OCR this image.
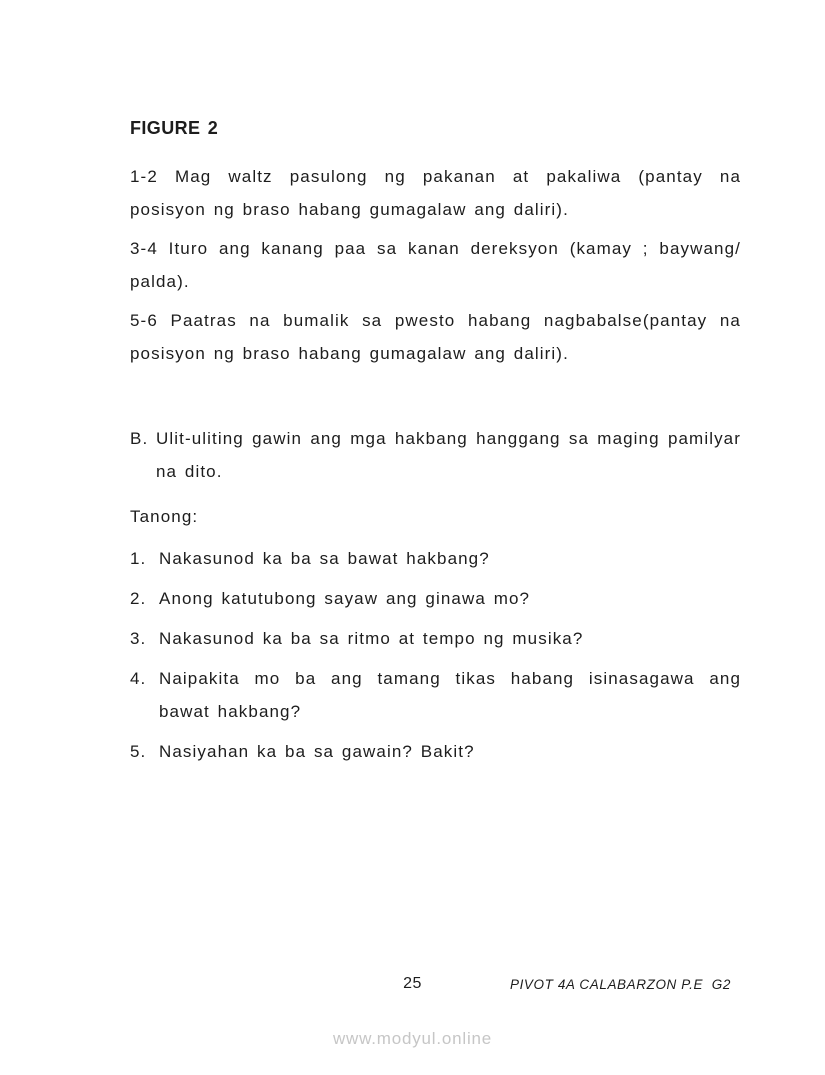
FIGURE 2

1-2 Mag waltz pasulong ng pakanan at pakaliwa (pantay na posisyon ng braso habang gumagalaw ang daliri).

3-4 Ituro ang kanang paa sa kanan dereksyon (kamay ; baywang/ palda).

5-6 Paatras na bumalik sa pwesto habang nagbabalse(pantay na posisyon ng braso habang gumagalaw ang daliri).

B. Ulit-uliting gawin ang mga hakbang hanggang sa maging pamilyar na dito.

Tanong:

1. Nakasunod ka ba sa bawat hakbang?
2. Anong katutubong sayaw ang ginawa mo?
3. Nakasunod ka ba sa ritmo at tempo ng musika?
4. Naipakita mo ba ang tamang tikas habang isinasagawa ang bawat hakbang?
5. Nasiyahan ka ba sa gawain? Bakit?
25	PIVOT 4A CALABARZON P.E  G2
www.modyul.online
